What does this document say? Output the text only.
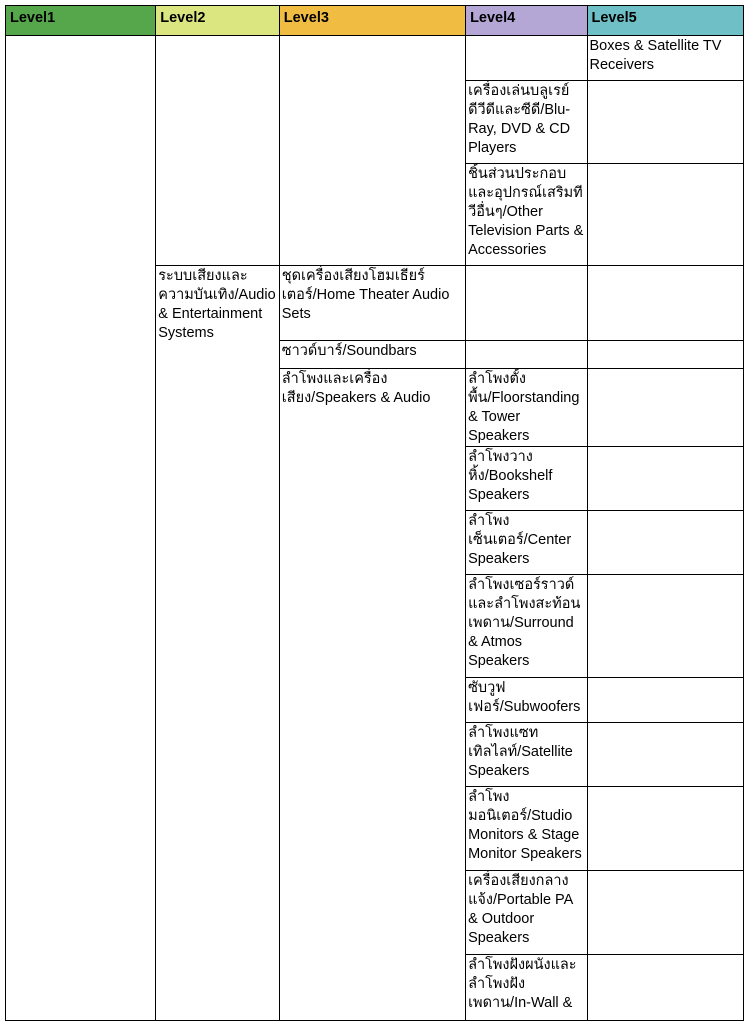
Level1	Level2	Level3	Level4	Level5
				Boxes & Satellite TV Receivers
			เครื่องเล่นบลูเรย์ดีวีดีและซีดี/Blu-Ray, DVD & CD Players	
			ชิ้นส่วนประกอบและอุปกรณ์เสริมทีวีอื่นๆ/Other Television Parts & Accessories	
	ระบบเสียงและความบันเทิง/Audio & Entertainment Systems	ชุดเครื่องเสียงโฮมเธียร์เตอร์/Home Theater Audio Sets		
		ซาวด์บาร์/Soundbars		
		ลำโพงและเครื่องเสียง/Speakers & Audio	ลำโพงตั้งพื้น/Floorstanding & Tower Speakers	
			ลำโพงวางหิ้ง/Bookshelf Speakers	
			ลำโพงเซ็นเตอร์/Center Speakers	
			ลำโพงเซอร์ราวด์และลำโพงสะท้อนเพดาน/Surround & Atmos Speakers	
			ซับวูฟเฟอร์/Subwoofers	
			ลำโพงแซทเทิลไลท์/Satellite Speakers	
			ลำโพงมอนิเตอร์/Studio Monitors & Stage Monitor Speakers	
			เครื่องเสียงกลางแจ้ง/Portable PA & Outdoor Speakers	
			ลำโพงฝังผนังและลำโพงฝังเพดาน/In-Wall &	
